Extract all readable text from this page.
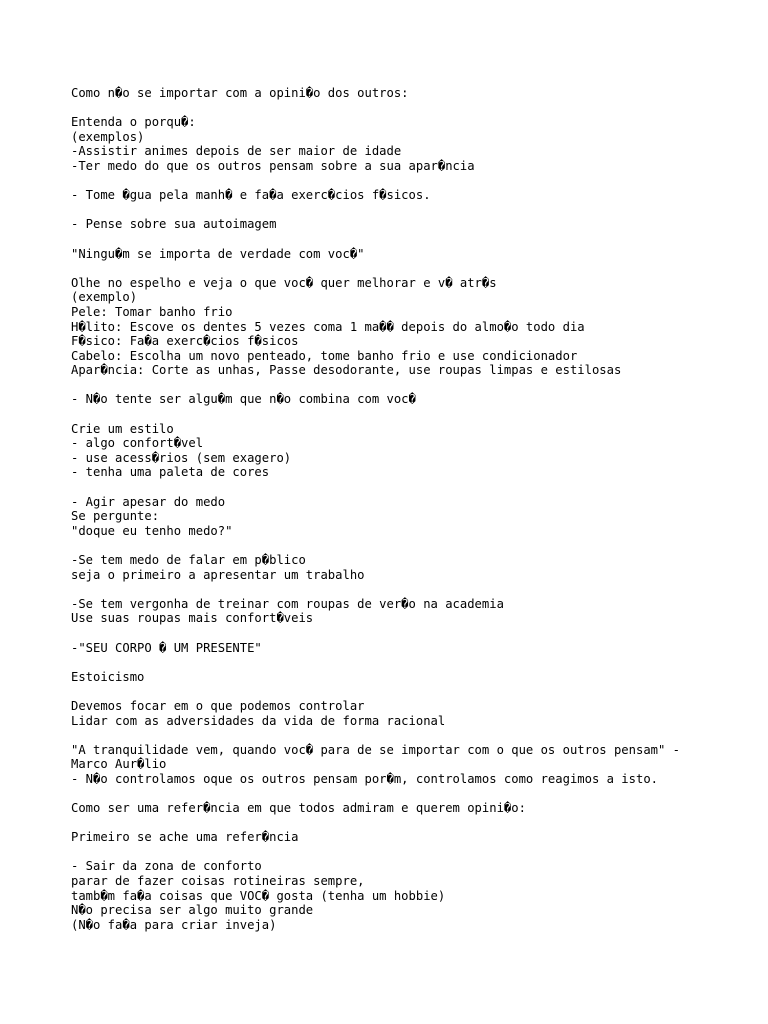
Como n�o se importar com a opini�o dos outros:
Entenda o porqu�:
(exemplos)
-Assistir animes depois de ser maior de idade
-Ter medo do que os outros pensam sobre a sua apar�ncia
- Tome �gua pela manh� e fa�a exerc�cios f�sicos.
- Pense sobre sua autoimagem
"Ningu�m se importa de verdade com voc�"
Olhe no espelho e veja o que voc� quer melhorar e v� atr�s
(exemplo)
Pele: Tomar banho frio
H�lito: Escove os dentes 5 vezes coma 1 ma�� depois do almo�o todo dia
F�sico: Fa�a exerc�cios f�sicos
Cabelo: Escolha um novo penteado, tome banho frio e use condicionador
Apar�ncia: Corte as unhas, Passe desodorante, use roupas limpas e estilosas
- N�o tente ser algu�m que n�o combina com voc�
Crie um estilo
- algo confort�vel
- use acess�rios (sem exagero)
- tenha uma paleta de cores
- Agir apesar do medo
Se pergunte:
"doque eu tenho medo?"
-Se tem medo de falar em p�blico
seja o primeiro a apresentar um trabalho
-Se tem vergonha de treinar com roupas de ver�o na academia
Use suas roupas mais confort�veis
-"SEU CORPO � UM PRESENTE"
Estoicismo
Devemos focar em o que podemos controlar
Lidar com as adversidades da vida de forma racional
"A tranquilidade vem, quando voc� para de se importar com o que os outros pensam" -
Marco Aur�lio
- N�o controlamos oque os outros pensam por�m, controlamos como reagimos a isto.
Como ser uma refer�ncia em que todos admiram e querem opini�o:
Primeiro se ache uma refer�ncia
- Sair da zona de conforto
parar de fazer coisas rotineiras sempre,
tamb�m fa�a coisas que VOC� gosta (tenha um hobbie)
N�o precisa ser algo muito grande
(N�o fa�a para criar inveja)
